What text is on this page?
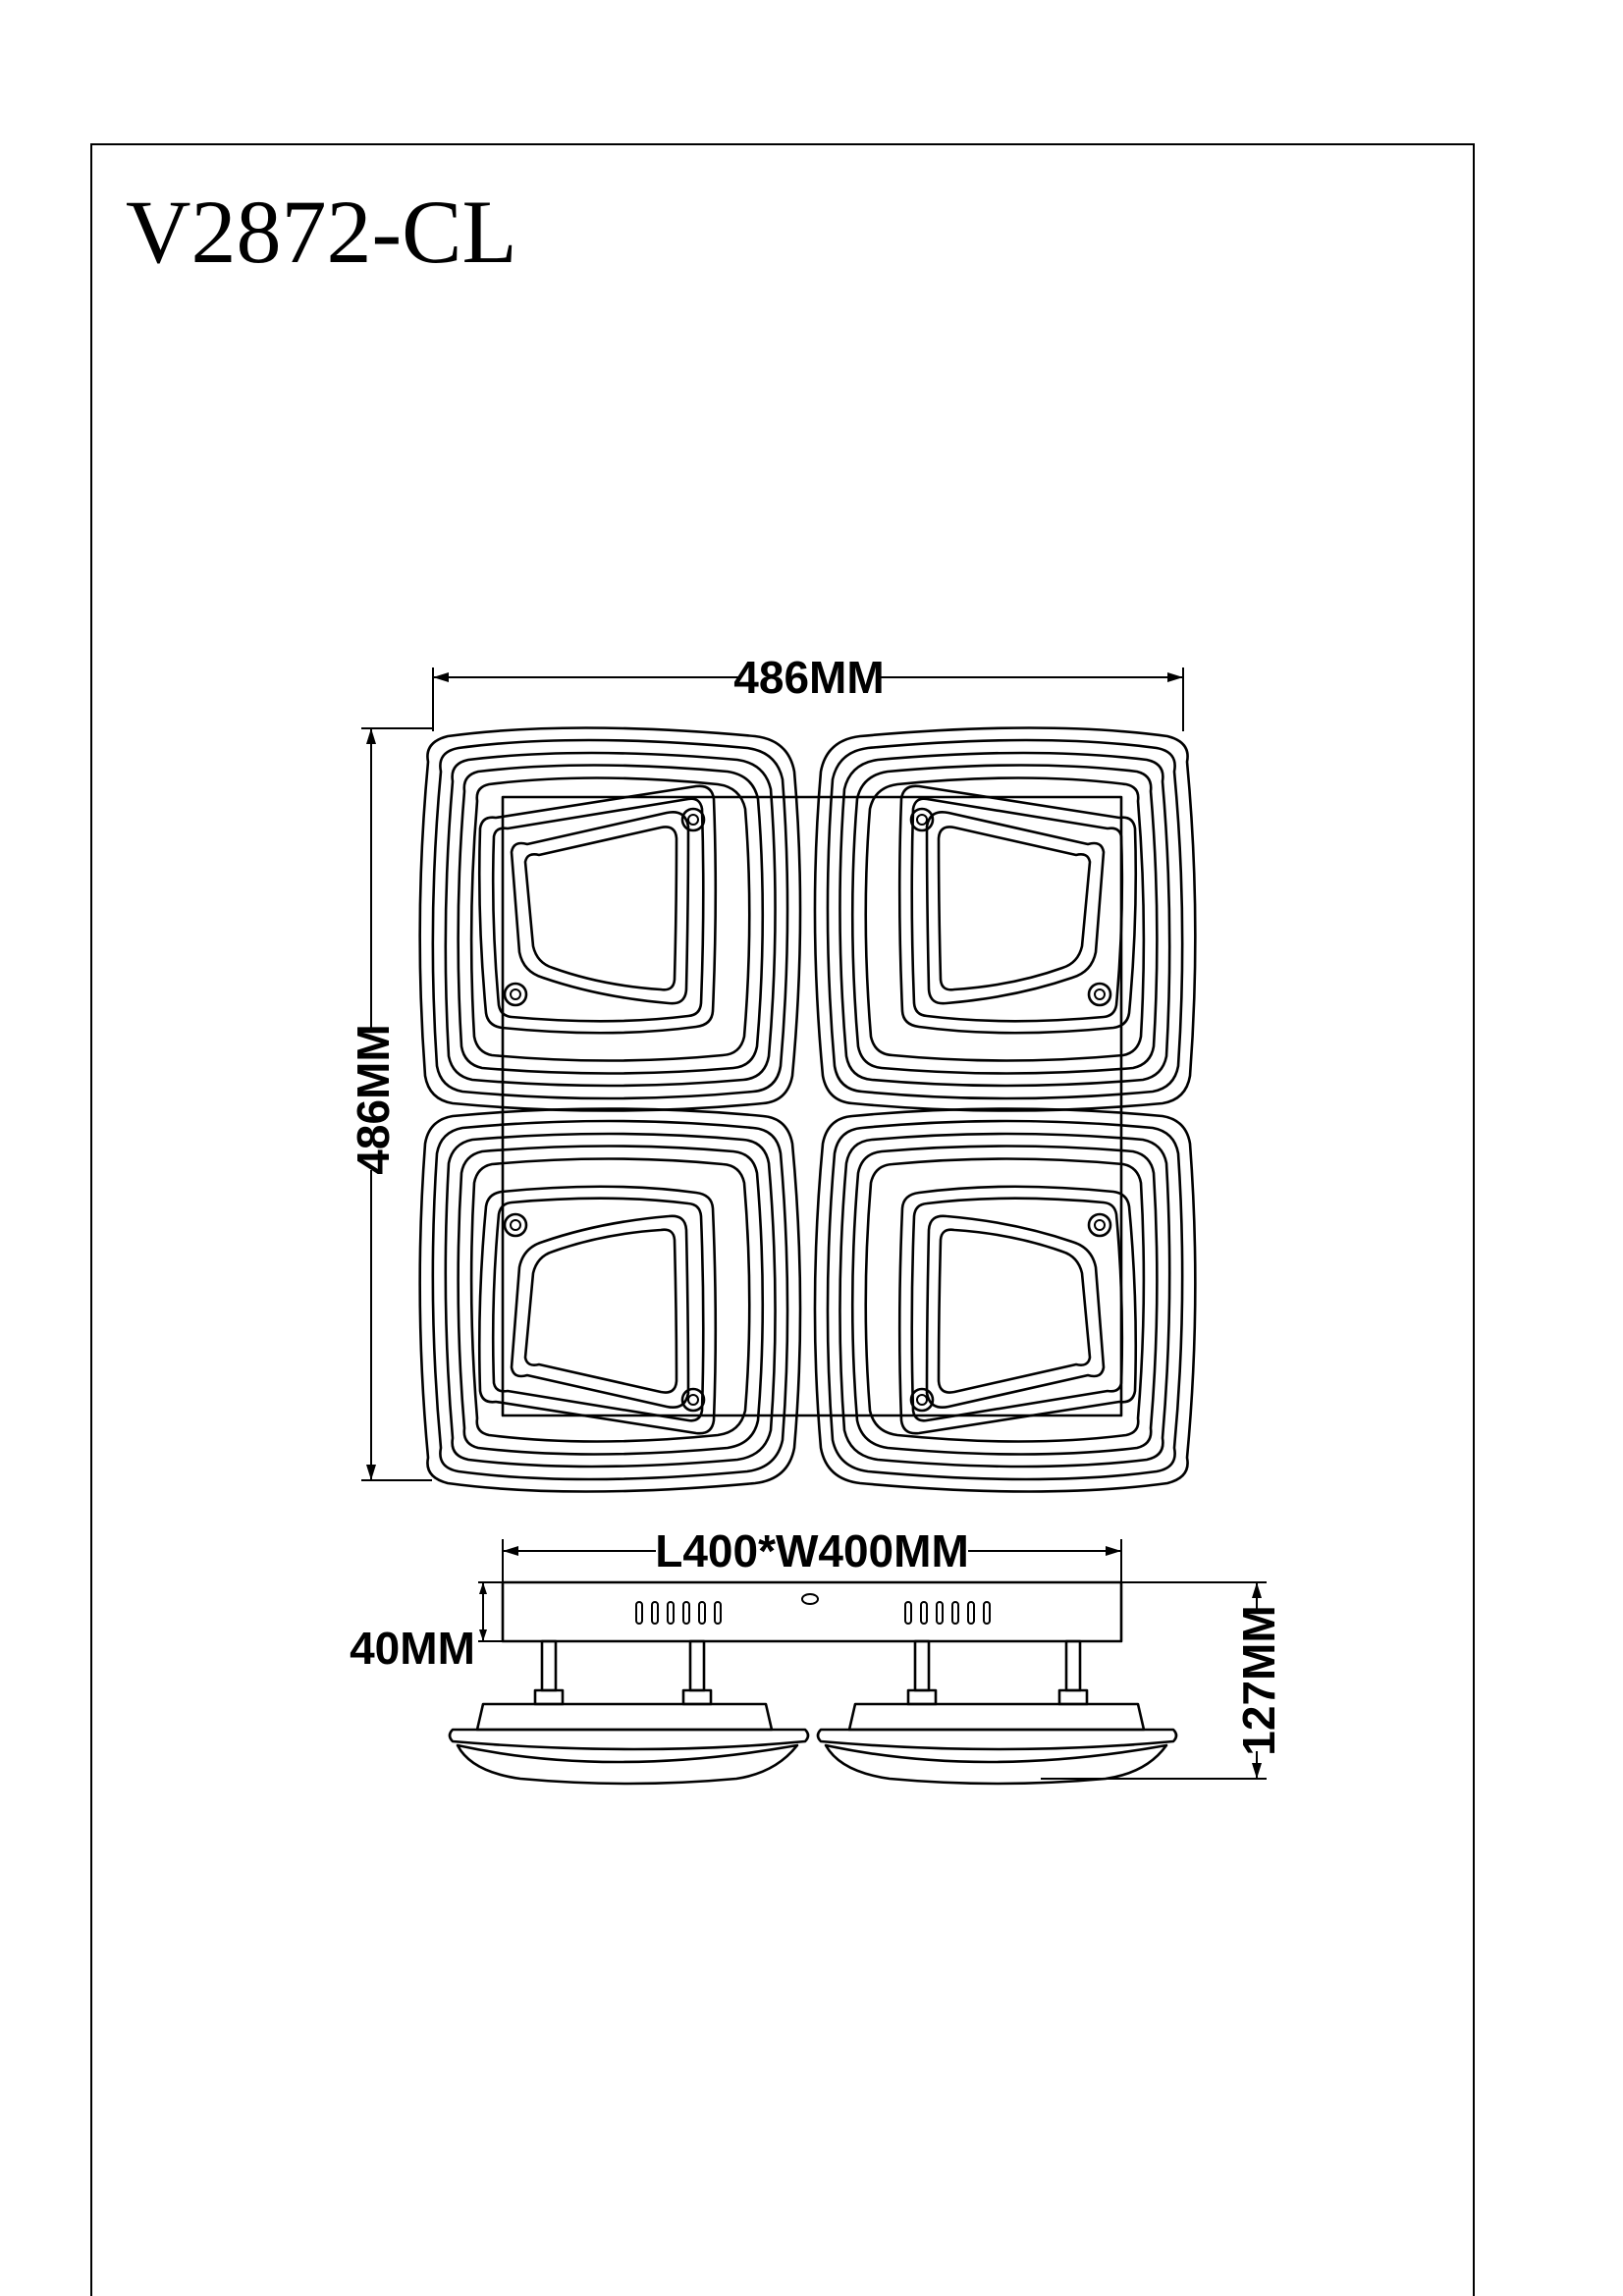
V2872-CL
486MM
486MM
L400*W400MM
40MM	127MM
